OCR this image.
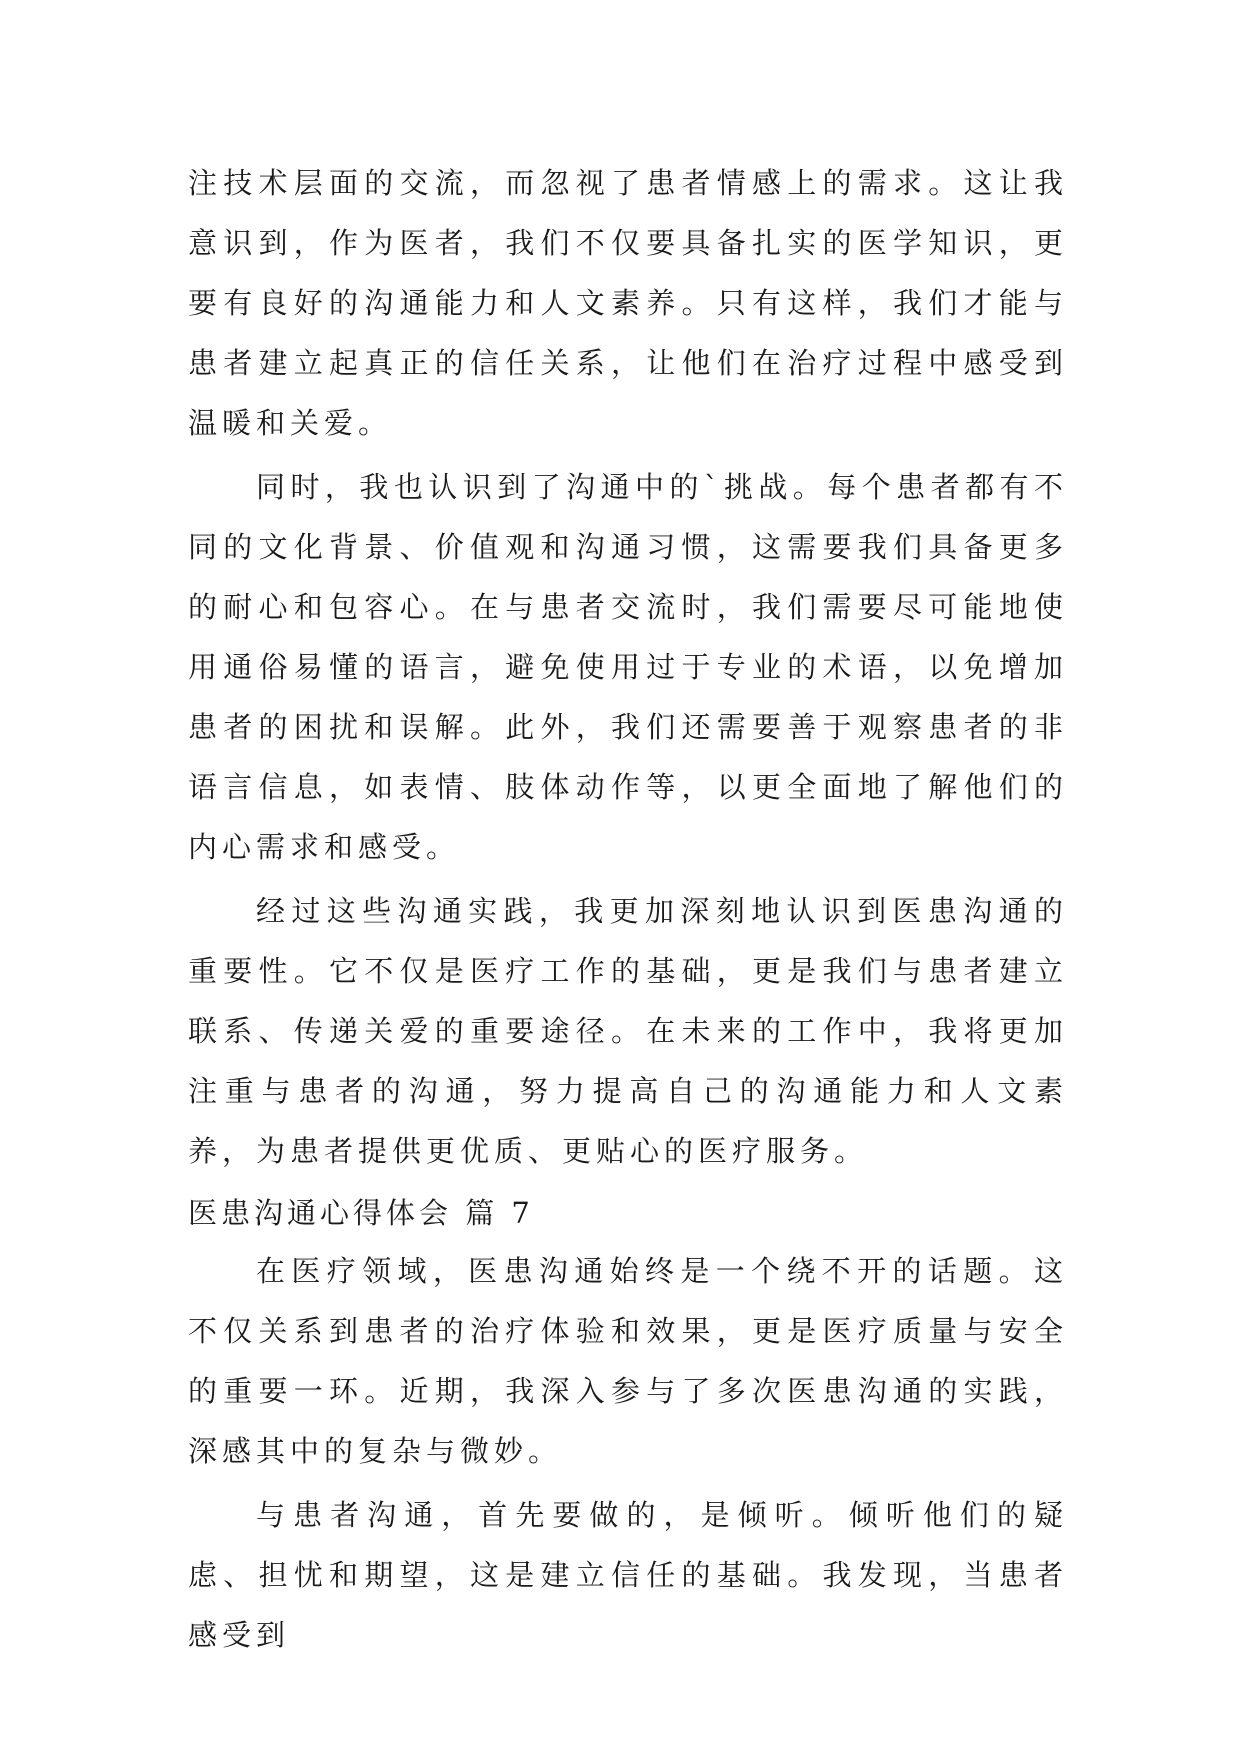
注技术层面的交流，而忽视了患者情感上的需求。这让我意识到，作为医者，我们不仅要具备扎实的医学知识，更要有良好的沟通能力和人文素养。只有这样，我们才能与患者建立起真正的信任关系，让他们在治疗过程中感受到温暖和关爱。

同时，我也认识到了沟通中的`挑战。每个患者都有不同的文化背景、价值观和沟通习惯，这需要我们具备更多的耐心和包容心。在与患者交流时，我们需要尽可能地使用通俗易懂的语言，避免使用过于专业的术语，以免增加患者的困扰和误解。此外，我们还需要善于观察患者的非语言信息，如表情、肢体动作等，以更全面地了解他们的内心需求和感受。

经过这些沟通实践，我更加深刻地认识到医患沟通的重要性。它不仅是医疗工作的基础，更是我们与患者建立联系、传递关爱的重要途径。在未来的工作中，我将更加注重与患者的沟通，努力提高自己的沟通能力和人文素养，为患者提供更优质、更贴心的医疗服务。

医患沟通心得体会 篇 7

在医疗领域，医患沟通始终是一个绕不开的话题。这不仅关系到患者的治疗体验和效果，更是医疗质量与安全的重要一环。近期，我深入参与了多次医患沟通的实践，深感其中的复杂与微妙。

与患者沟通，首先要做的，是倾听。倾听他们的疑虑、担忧和期望，这是建立信任的基础。我发现，当患者感受到
